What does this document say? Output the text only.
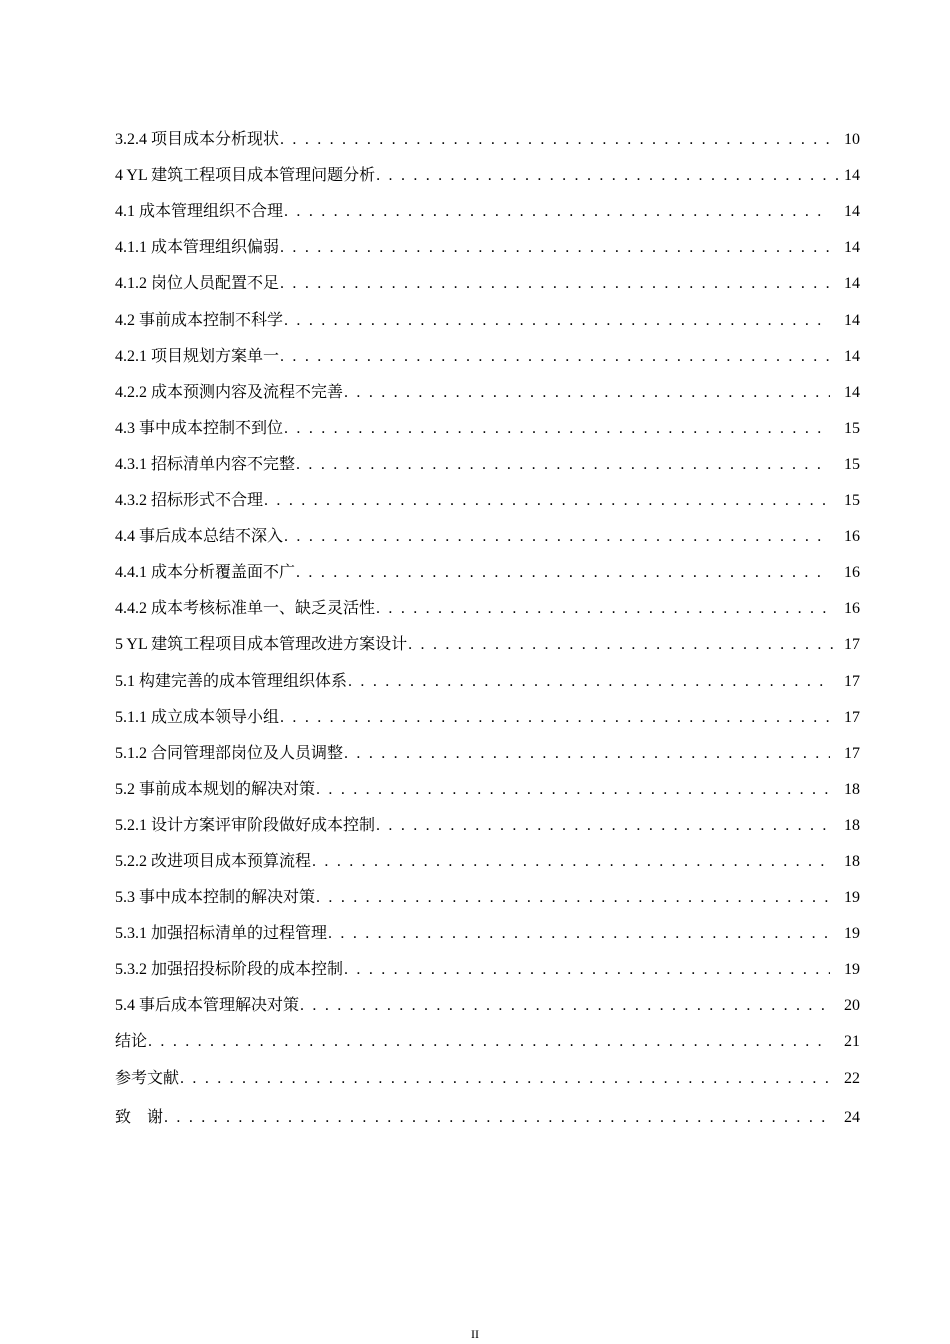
3.2.4 项目成本分析现状 . . .	10
4 YL 建筑工程项目成本管理问题分析 . . .	14
4.1 成本管理组织不合理 . . .	14
4.1.1 成本管理组织偏弱 . . .	14
4.1.2 岗位人员配置不足 . . .	14
4.2 事前成本控制不科学 . . .	14
4.2.1 项目规划方案单一 . . .	14
4.2.2 成本预测内容及流程不完善 . . .	14
4.3 事中成本控制不到位 . . .	15
4.3.1 招标清单内容不完整 . . .	15
4.3.2 招标形式不合理 . . .	15
4.4 事后成本总结不深入 . . .	16
4.4.1 成本分析覆盖面不广 . . .	16
4.4.2 成本考核标准单一、缺乏灵活性 . . .	16
5 YL 建筑工程项目成本管理改进方案设计 . . .	17
5.1 构建完善的成本管理组织体系 . . .	17
5.1.1 成立成本领导小组 . . .	17
5.1.2 合同管理部岗位及人员调整 . . .	17
5.2 事前成本规划的解决对策 . . .	18
5.2.1 设计方案评审阶段做好成本控制 . . .	18
5.2.2 改进项目成本预算流程 . . .	18
5.3 事中成本控制的解决对策 . . .	19
5.3.1 加强招标清单的过程管理 . . .	19
5.3.2 加强招投标阶段的成本控制 . . .	19
5.4 事后成本管理解决对策 . . .	20
结论 . . .	21
参考文献 . . .	22
致    谢 . . .	24
II
